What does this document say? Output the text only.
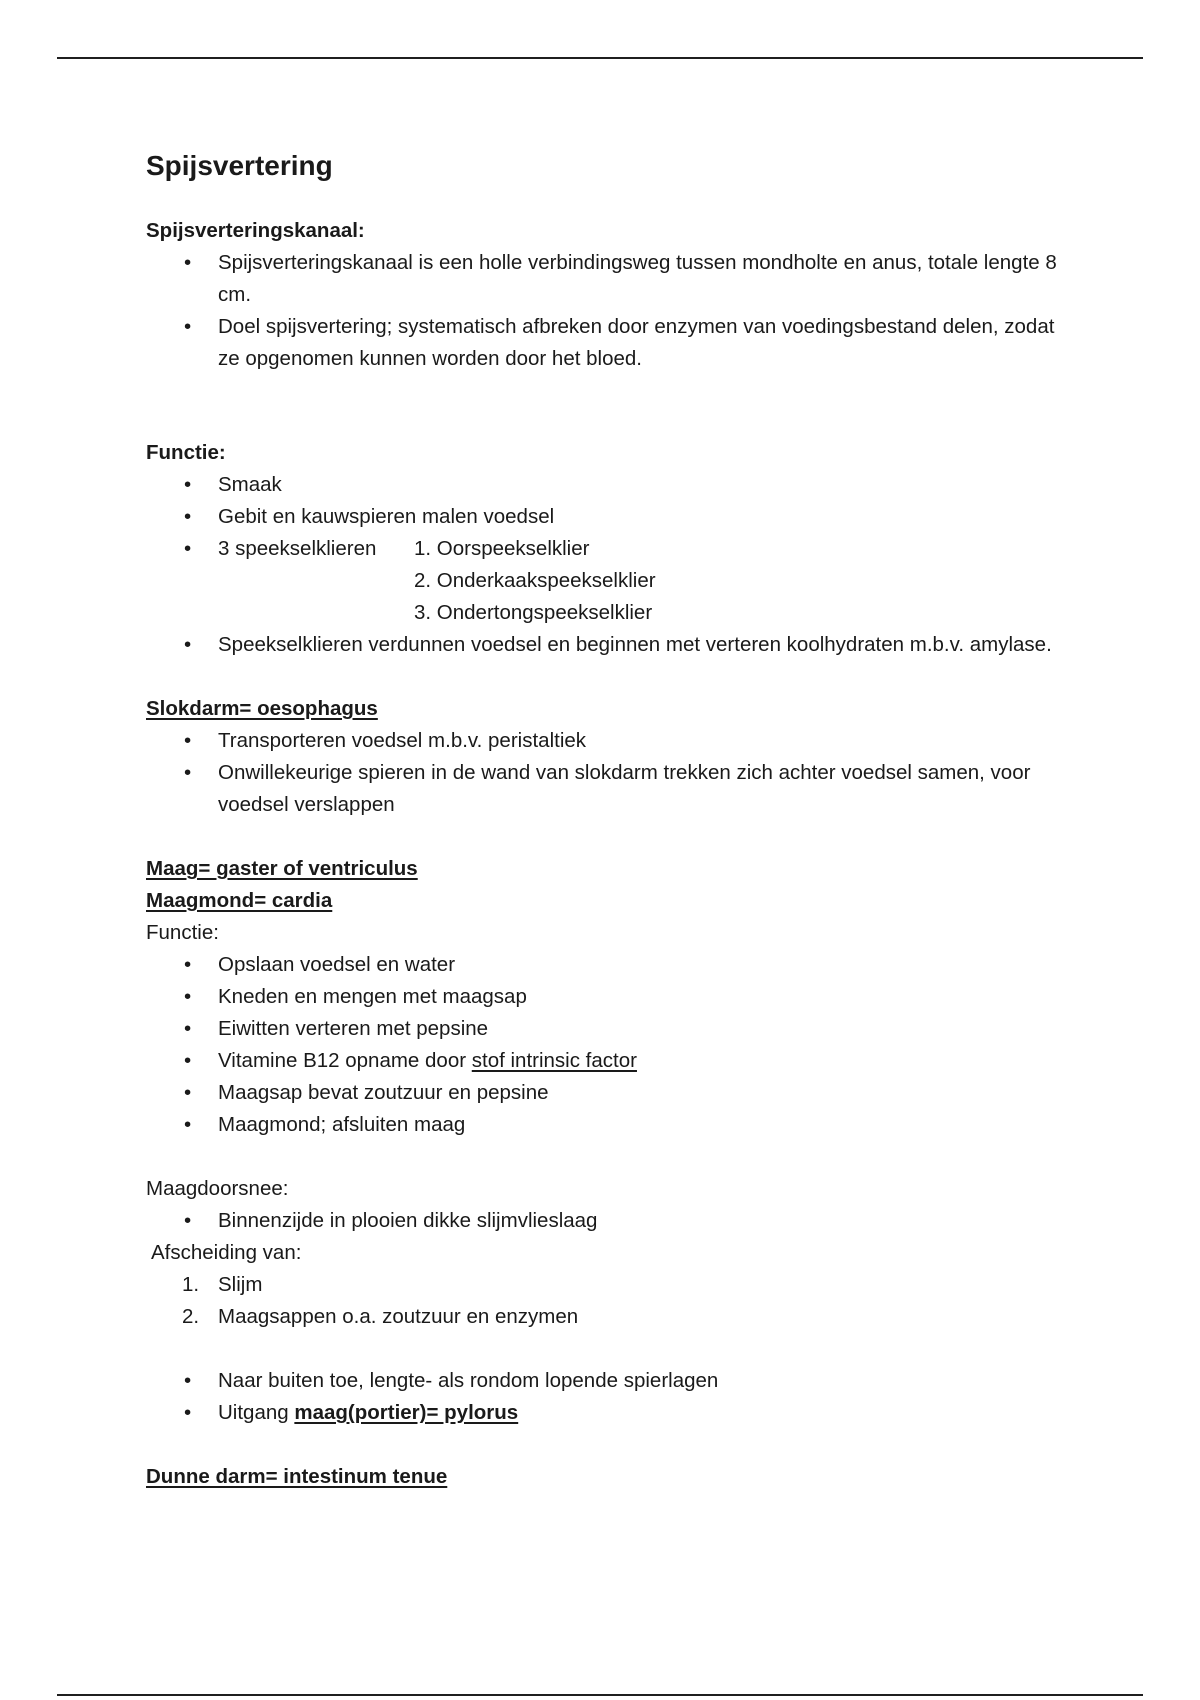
Spijsvertering
Spijsverteringskanaal:
• Spijsverteringskanaal is een holle verbindingsweg tussen mondholte en anus, totale lengte 8 cm.
• Doel spijsvertering; systematisch afbreken door enzymen van voedingsbestand delen, zodat ze opgenomen kunnen worden door het bloed.
Functie:
• Smaak
• Gebit en kauwspieren malen voedsel
• 3 speekselklieren	1. Oorspeekselklier
2. Onderkaakspeekselklier
3. Ondertongspeekselklier
• Speekselklieren verdunnen voedsel en beginnen met verteren koolhydraten m.b.v. amylase.
Slokdarm= oesophagus
• Transporteren voedsel m.b.v. peristaltiek
• Onwillekeurige spieren in de wand van slokdarm trekken zich achter voedsel samen, voor voedsel verslappen
Maag= gaster of ventriculus
Maagmond= cardia
Functie:
• Opslaan voedsel en water
• Kneden en mengen met maagsap
• Eiwitten verteren met pepsine
• Vitamine B12 opname door stof intrinsic factor
• Maagsap bevat zoutzuur en pepsine
• Maagmond; afsluiten maag
Maagdoorsnee:
• Binnenzijde in plooien dikke slijmvlieslaag
Afscheiding van:
1. Slijm
2. Maagsappen o.a. zoutzuur en enzymen
• Naar buiten toe, lengte- als rondom lopende spierlagen
• Uitgang maag(portier)= pylorus
Dunne darm= intestinum tenue
